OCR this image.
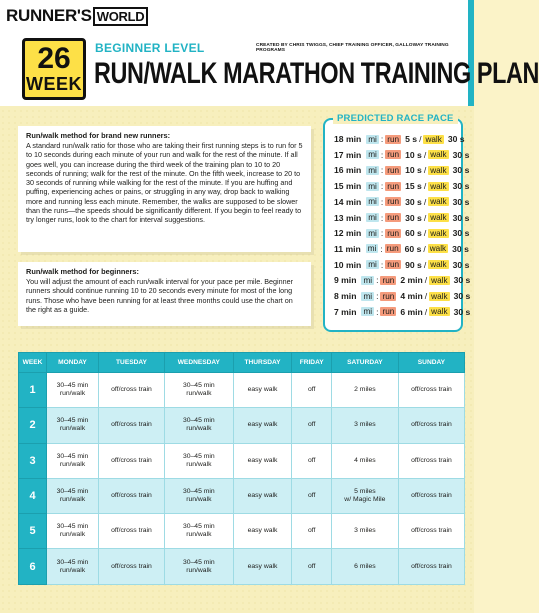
RUNNER'S WORLD
26
WEEK
BEGINNER LEVEL	CREATED BY CHRIS TWIGGS, CHIEF TRAINING OFFICER, GALLOWAY TRAINING PROGRAMS
RUN/WALK MARATHON TRAINING PLAN
Run/walk method for brand new runners:
A standard run/walk ratio for those who are taking their first running steps is to run for 5 to 10 seconds during each minute of your run and walk for the rest of the minute. If all goes well, you can increase during the third week of the training plan to 10 to 20 seconds of running; walk for the rest of the minute. On the fifth week, increase to 20 to 30 seconds of running while walking for the rest of the minute. If you are huffing and puffing, experiencing aches or pains, or struggling in any way, drop back to walking more and running less each minute. Remember, the walks are supposed to be slower than the runs—the speeds should be significantly different. If you begin to feel ready to try longer runs, look to the chart for interval suggestions.
Run/walk method for beginners:
You will adjust the amount of each run/walk interval for your pace per mile. Beginner runners should continue running 10 to 20 seconds every minute for most of the long runs. Those who have been running for at least three months could use the chart on the right as a guide.
PREDICTED RACE PACE
18 min mi : run 5 s / walk 30 s
17 min mi : run 10 s / walk 30 s
16 min mi : run 10 s / walk 30 s
15 min mi : run 15 s / walk 30 s
14 min mi : run 30 s / walk 30 s
13 min mi : run 30 s / walk 30 s
12 min mi : run 60 s / walk 30 s
11 min mi : run 60 s / walk 30 s
10 min mi : run 90 s / walk 30 s
9 min mi : run 2 min / walk 30 s
8 min mi : run 4 min / walk 30 s
7 min mi : run 6 min / walk 30 s
WEEK	MONDAY	TUESDAY	WEDNESDAY	THURSDAY	FRIDAY	SATURDAY	SUNDAY
1	30–45 min
run/walk	off/cross train	30–45 min
run/walk	easy walk	off	2 miles	off/cross train
2	30–45 min
run/walk	off/cross train	30–45 min
run/walk	easy walk	off	3 miles	off/cross train
3	30–45 min
run/walk	off/cross train	30–45 min
run/walk	easy walk	off	4 miles	off/cross train
4	30–45 min
run/walk	off/cross train	30–45 min
run/walk	easy walk	off	5 miles
w/ Magic Mile	off/cross train
5	30–45 min
run/walk	off/cross train	30–45 min
run/walk	easy walk	off	3 miles	off/cross train
6	30–45 min
run/walk	off/cross train	30–45 min
run/walk	easy walk	off	6 miles	off/cross train
